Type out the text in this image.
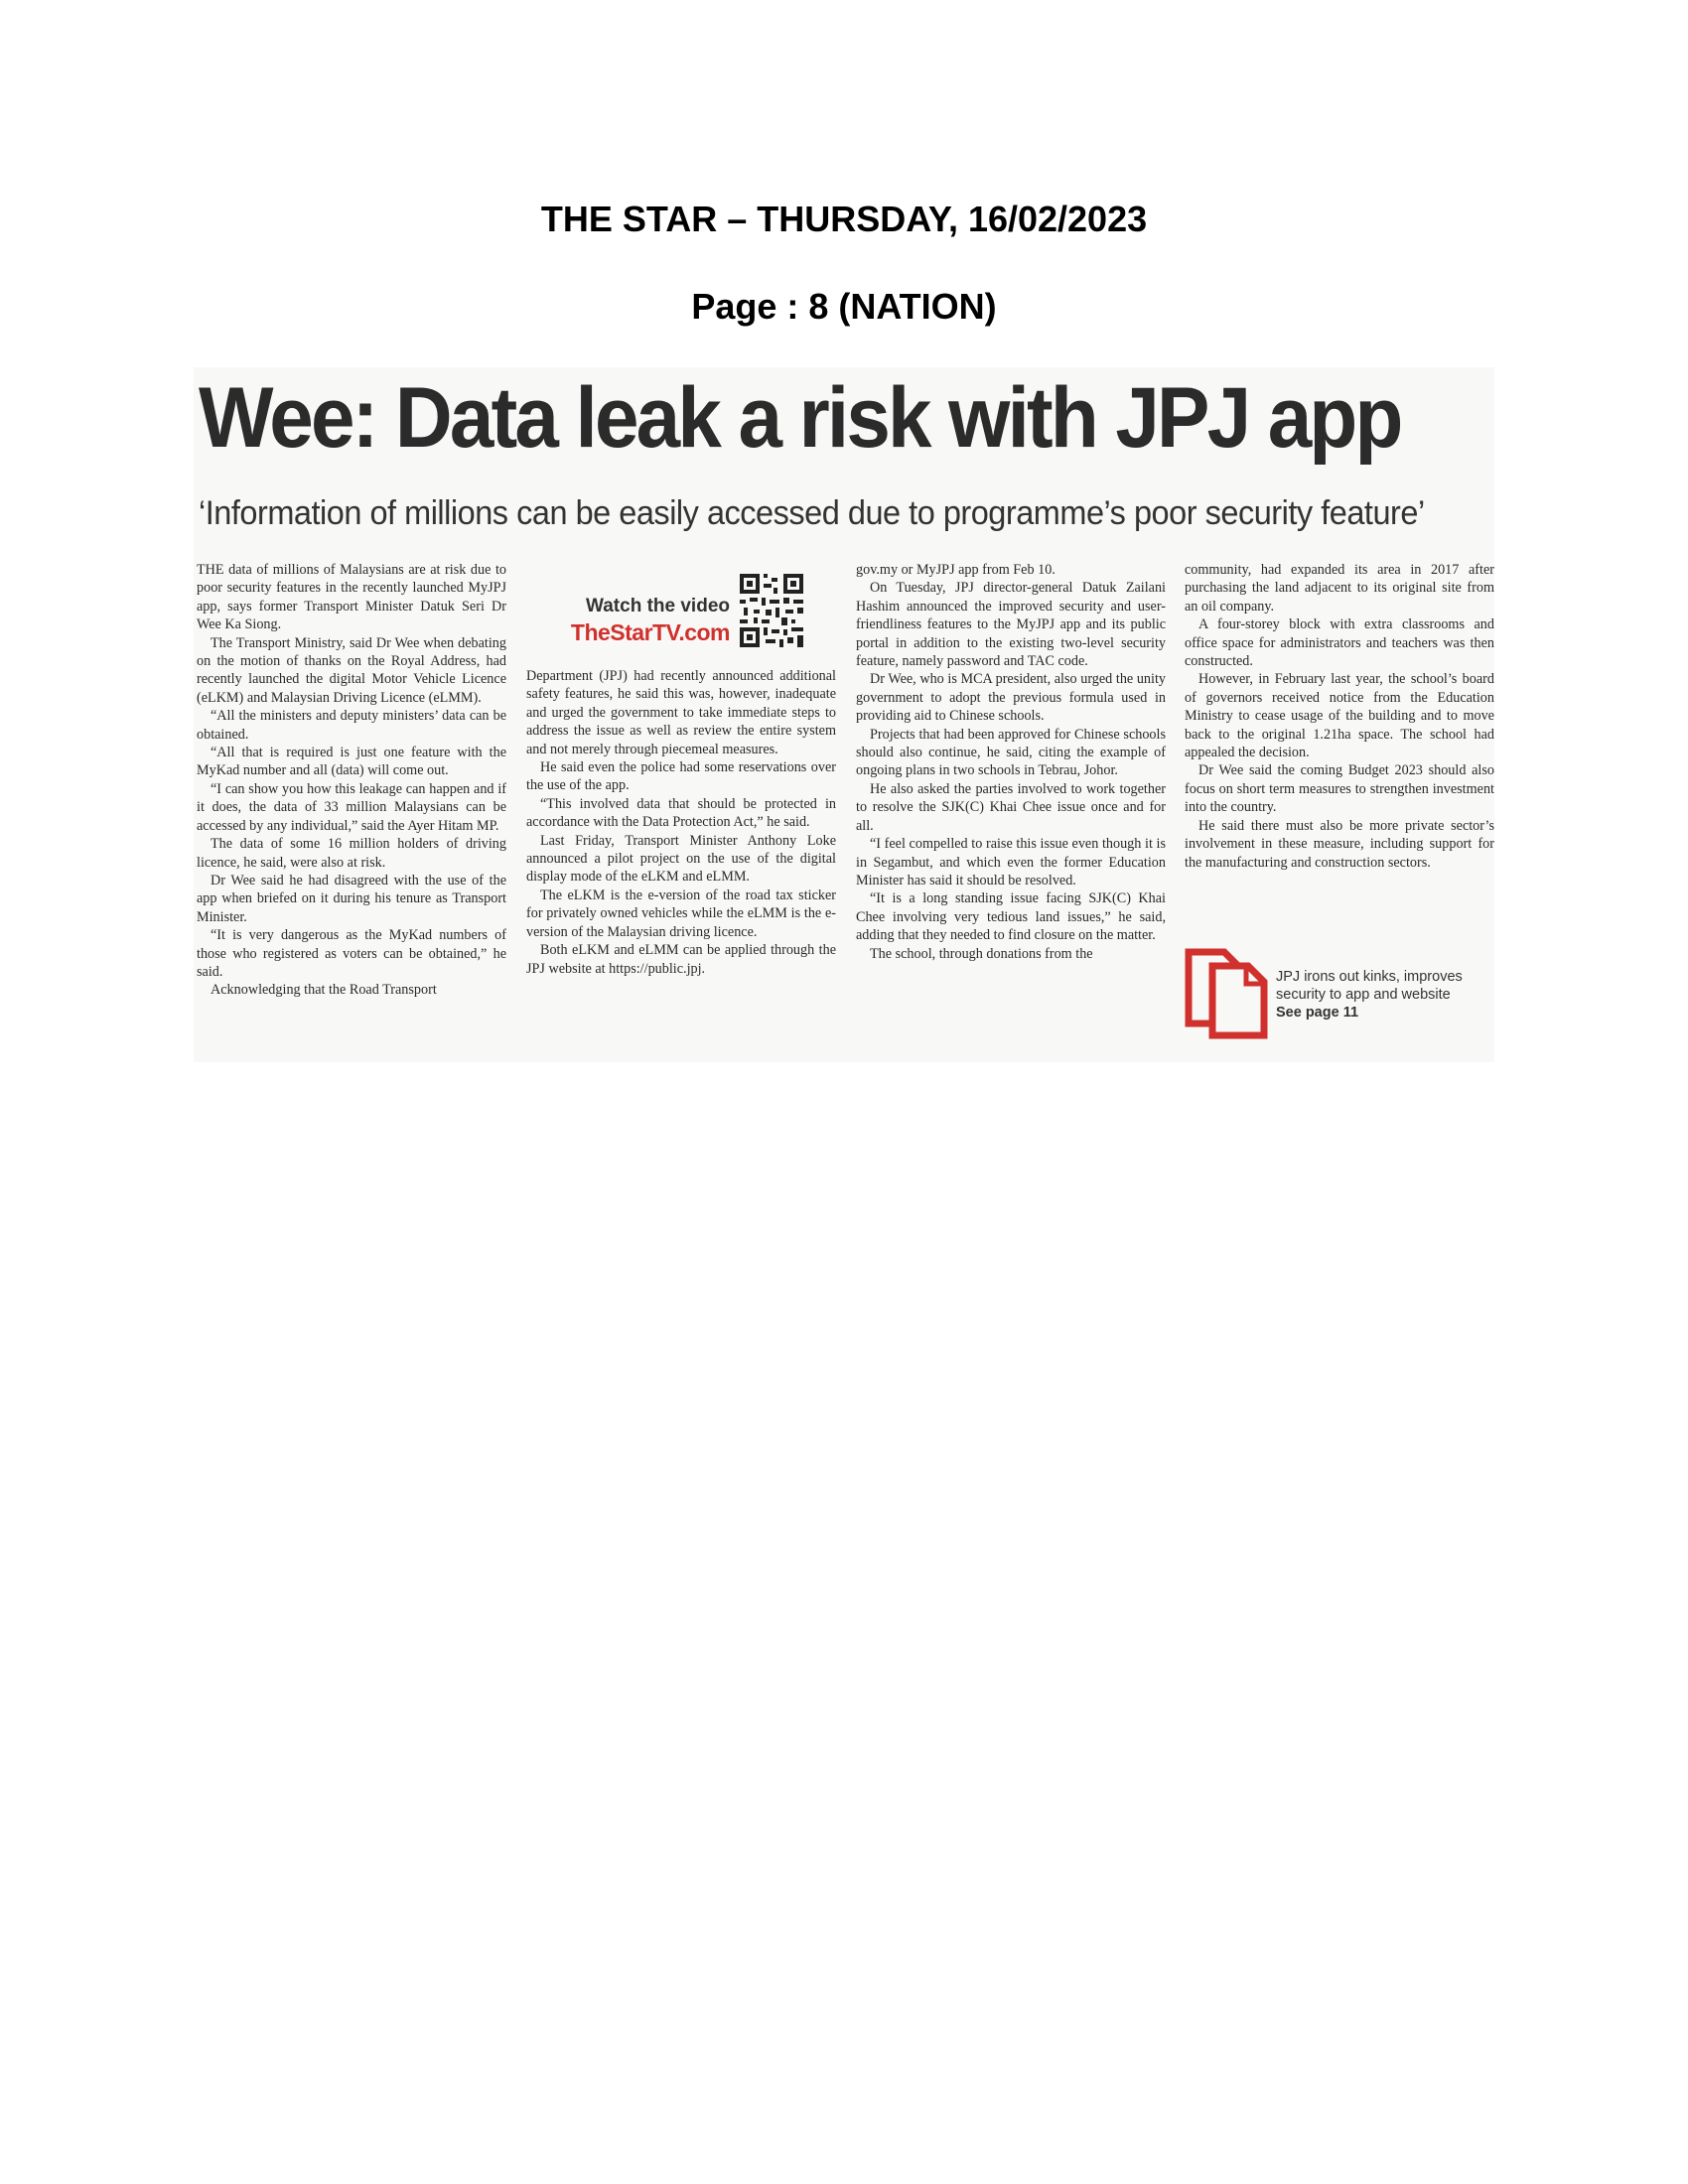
THE STAR – THURSDAY, 16/02/2023
Page : 8 (NATION)
Wee: Data leak a risk with JPJ app
‘Information of millions can be easily accessed due to programme’s poor security feature’
Watch the video
TheStarTV.com

THE data of millions of Malaysians are at risk due to poor security features in the recently launched MyJPJ app, says former Transport Minister Datuk Seri Dr Wee Ka Siong.

The Transport Ministry, said Dr Wee when debating on the motion of thanks on the Royal Address, had recently launched the digital Motor Vehicle Licence (eLKM) and Malaysian Driving Licence (eLMM).

“All the ministers and deputy ministers’ data can be obtained.

“All that is required is just one feature with the MyKad number and all (data) will come out.

“I can show you how this leakage can happen and if it does, the data of 33 million Malaysians can be accessed by any individual,” said the Ayer Hitam MP.

The data of some 16 million holders of driving licence, he said, were also at risk.

Dr Wee said he had disagreed with the use of the app when briefed on it during his tenure as Transport Minister.

“It is very dangerous as the MyKad numbers of those who registered as voters can be obtained,” he said.

Acknowledging that the Road Transport

Department (JPJ) had recently announced additional safety features, he said this was, however, inadequate and urged the government to take immediate steps to address the issue as well as review the entire system and not merely through piecemeal measures.

He said even the police had some reservations over the use of the app.

“This involved data that should be protected in accordance with the Data Protection Act,” he said.

Last Friday, Transport Minister Anthony Loke announced a pilot project on the use of the digital display mode of the eLKM and eLMM.

The eLKM is the e-version of the road tax sticker for privately owned vehicles while the eLMM is the e-version of the Malaysian driving licence.

Both eLKM and eLMM can be applied through the JPJ website at https://public.jpj.

gov.my or MyJPJ app from Feb 10.

On Tuesday, JPJ director-general Datuk Zailani Hashim announced the improved security and user-friendliness features to the MyJPJ app and its public portal in addition to the existing two-level security feature, namely password and TAC code.

Dr Wee, who is MCA president, also urged the unity government to adopt the previous formula used in providing aid to Chinese schools.

Projects that had been approved for Chinese schools should also continue, he said, citing the example of ongoing plans in two schools in Tebrau, Johor.

He also asked the parties involved to work together to resolve the SJK(C) Khai Chee issue once and for all.

“I feel compelled to raise this issue even though it is in Segambut, and which even the former Education Minister has said it should be resolved.

“It is a long standing issue facing SJK(C) Khai Chee involving very tedious land issues,” he said, adding that they needed to find closure on the matter.

The school, through donations from the

community, had expanded its area in 2017 after purchasing the land adjacent to its original site from an oil company.

A four-storey block with extra classrooms and office space for administrators and teachers was then constructed.

However, in February last year, the school’s board of governors received notice from the Education Ministry to cease usage of the building and to move back to the original 1.21ha space. The school had appealed the decision.

Dr Wee said the coming Budget 2023 should also focus on short term measures to strengthen investment into the country.

He said there must also be more private sector’s involvement in these measure, including support for the manufacturing and construction sectors.

JPJ irons out kinks, improves security to app and website
See page 11
